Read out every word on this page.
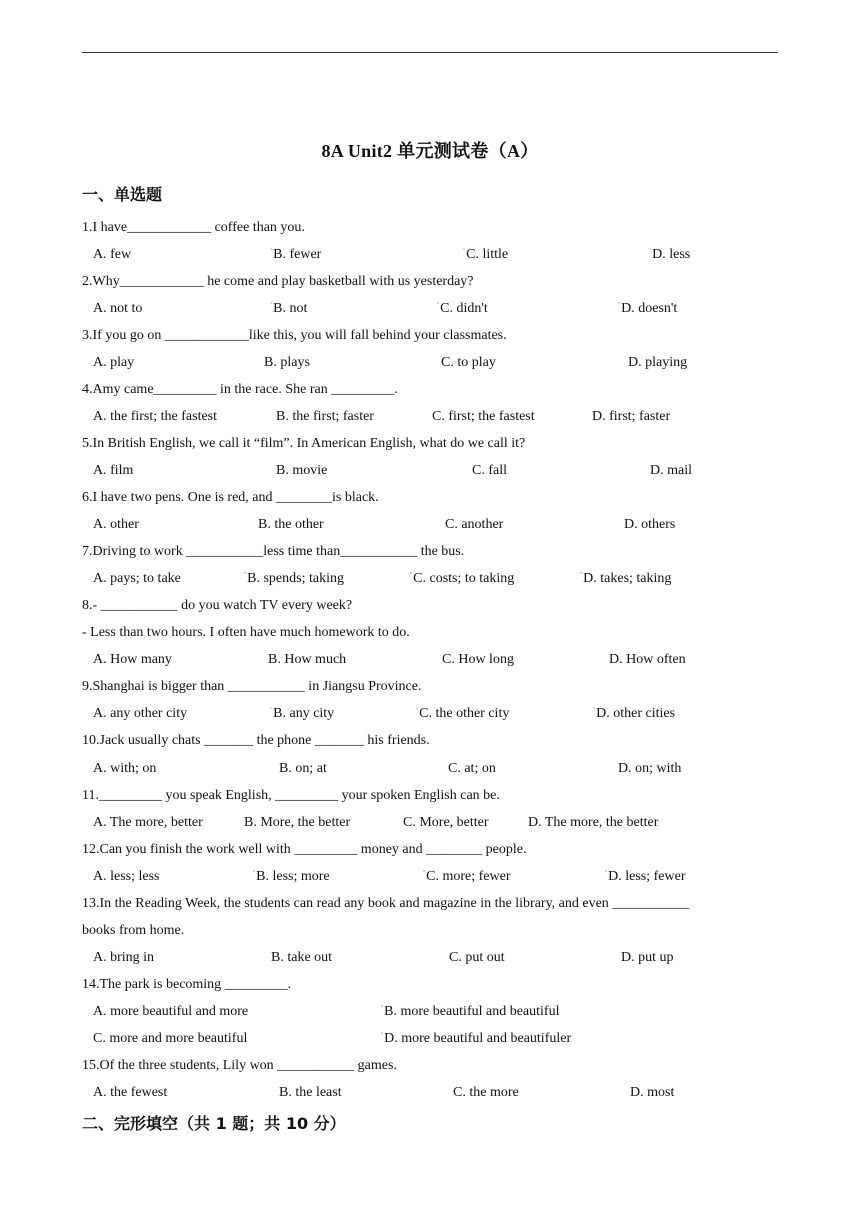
8A Unit2 单元测试卷（A）
一、单选题
1.I have____________ coffee than you.
A. few	▫B. fewer	▫C. little	▫D. less
2.Why____________ he come and play basketball with us yesterday?
A. not to	▫B. not	▫C. didn't	▫D. doesn't
3.If you go on ____________like this, you will fall behind your classmates.
A. play	B. plays	C. to play	D. playing
4.Amy came_________ in the race. She ran _________.
A. the first; the fastest	B. the first; faster	C. first; the fastest	D. first; faster
5.In British English, we call it “film”. In American English, what do we call it?
A. film	B. movie	C. fall	D. mail
6.I have two pens. One is red, and ________is black.
A. other	B. the other	C. another	D. others
7.Driving to work ___________less time than___________ the bus.
A. pays; to take	▫B. spends; taking	▫C. costs; to taking	▫D. takes; taking
8.- ___________ do you watch TV every week?
- Less than two hours. I often have much homework to do.
A. How many	B. How much	C. How long	D. How often
9.Shanghai is bigger than ___________ in Jiangsu Province.
A. any other city	▫B. any city	▫C. the other city	▫D. other cities
10.Jack usually chats _______ the phone _______ his friends.
A. with; on	B. on; at	C. at; on	D. on; with
11._________ you speak English, _________ your spoken English can be.
A. The more, better	B. More, the better	C. More, better	D. The more, the better
12.Can you finish the work well with _________ money and ________ people.
A. less; less	▫B. less; more	▫C. more; fewer	▫D. less; fewer
13.In the Reading Week, the students can read any book and magazine in the library, and even ___________
books from home.
A. bring in	B. take out	C. put out	D. put up
14.The park is becoming _________.
A. more beautiful and more	▫B. more beautiful and beautiful
C. more and more beautiful	▫D. more beautiful and beautifuler
15.Of the three students, Lily won ___________ games.
A. the fewest	B. the least	C. the more	D. most
二、完形填空（共 1 题；共 10 分）
